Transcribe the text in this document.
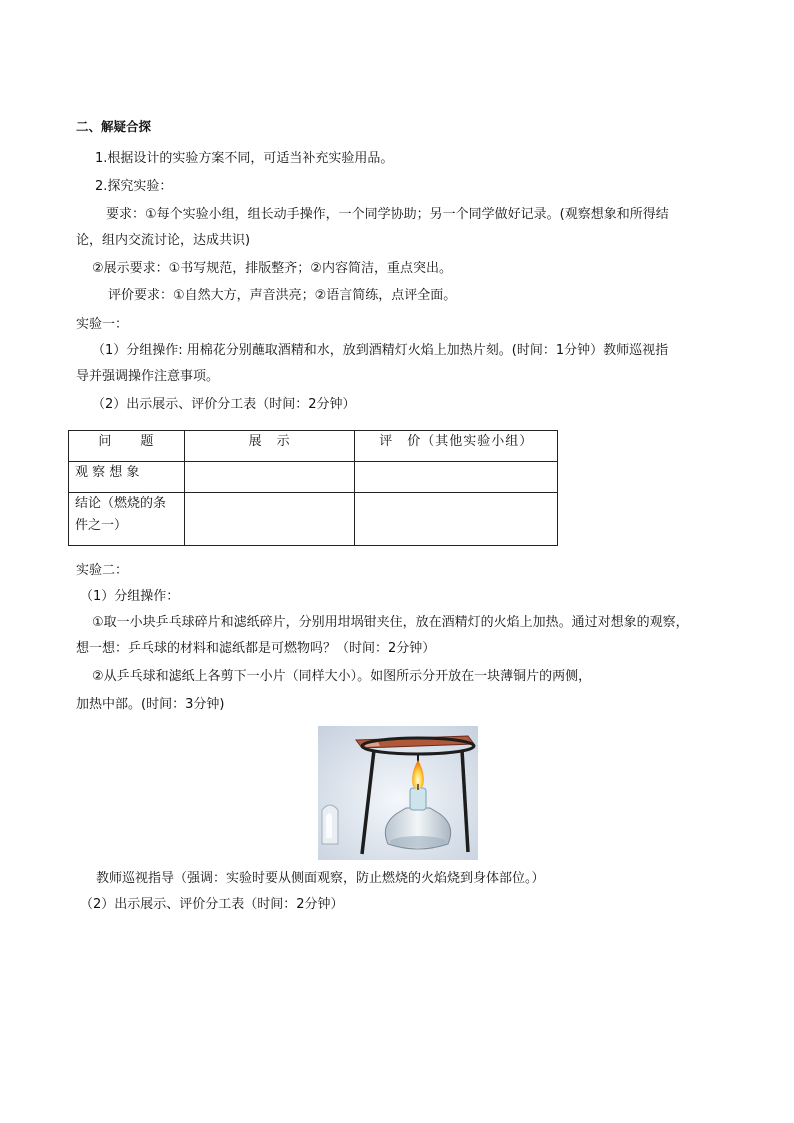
二、解疑合探
1.根据设计的实验方案不同，可适当补充实验用品。
2.探究实验：
要求：①每个实验小组，组长动手操作，一个同学协助；另一个同学做好记录。(观察想象和所得结
论，组内交流讨论，达成共识)
②展示要求：①书写规范，排版整齐；②内容简洁，重点突出。
评价要求：①自然大方，声音洪亮；②语言简练，点评全面。
实验一：
（1）分组操作: 用棉花分别蘸取酒精和水，放到酒精灯火焰上加热片刻。(时间：1分钟）教师巡视指
导并强调操作注意事项。
（2）出示展示、评价分工表（时间：2分钟）
问　　题	展　示	评　价（其他实验小组）
观 察 想 象		
结论（燃烧的条件之一）		
实验二：
（1）分组操作：
①取一小块乒乓球碎片和滤纸碎片，分别用坩埚钳夹住，放在酒精灯的火焰上加热。通过对想象的观察，
想一想：乒乓球的材料和滤纸都是可燃物吗？（时间：2分钟）
②从乒乓球和滤纸上各剪下一小片（同样大小）。如图所示分开放在一块薄铜片的两侧，
加热中部。(时间：3分钟)
教师巡视指导（强调：实验时要从侧面观察，防止燃烧的火焰烧到身体部位。）
（2）出示展示、评价分工表（时间：2分钟）
